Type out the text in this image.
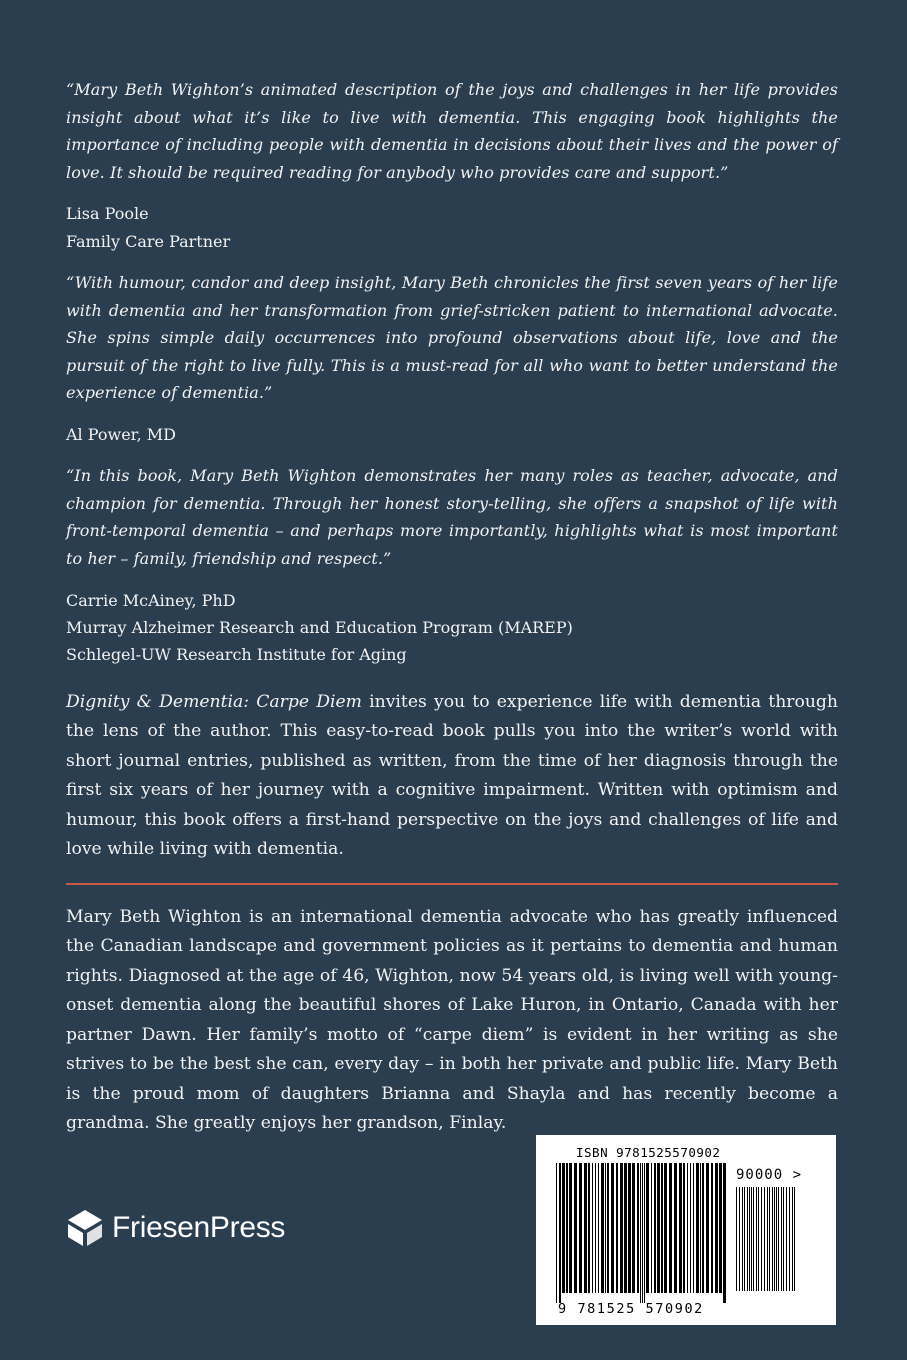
“Mary Beth Wighton’s animated description of the joys and challenges in her life provides insight about what it’s like to live with dementia. This engaging book highlights the importance of including people with dementia in decisions about their lives and the power of love. It should be required reading for anybody who provides care and support.”

Lisa Poole
Family Care Partner

“With humour, candor and deep insight, Mary Beth chronicles the first seven years of her life with dementia and her transformation from grief-stricken patient to international advocate. She spins simple daily occurrences into profound observations about life, love and the pursuit of the right to live fully. This is a must-read for all who want to better understand the experience of dementia.”

Al Power, MD

“In this book, Mary Beth Wighton demonstrates her many roles as teacher, advocate, and champion for dementia. Through her honest story-telling, she offers a snapshot of life with front-temporal dementia – and perhaps more importantly, highlights what is most important to her – family, friendship and respect.”

Carrie McAiney, PhD
Murray Alzheimer Research and Education Program (MAREP)
Schlegel-UW Research Institute for Aging

Dignity & Dementia: Carpe Diem invites you to experience life with dementia through the lens of the author. This easy-to-read book pulls you into the writer’s world with short journal entries, published as written, from the time of her diagnosis through the first six years of her journey with a cognitive impairment. Written with optimism and humour, this book offers a first-hand perspective on the joys and challenges of life and love while living with dementia.

Mary Beth Wighton is an international dementia advocate who has greatly influenced the Canadian landscape and government policies as it pertains to dementia and human rights. Diagnosed at the age of 46, Wighton, now 54 years old, is living well with young-onset dementia along the beautiful shores of Lake Huron, in Ontario, Canada with her partner Dawn. Her family’s motto of “carpe diem” is evident in her writing as she strives to be the best she can, every day – in both her private and public life. Mary Beth is the proud mom of daughters Brianna and Shayla and has recently become a grandma. She greatly enjoys her grandson, Finlay.

FriesenPress
ISBN 9781525570902
90000 >
9 781525 570902
